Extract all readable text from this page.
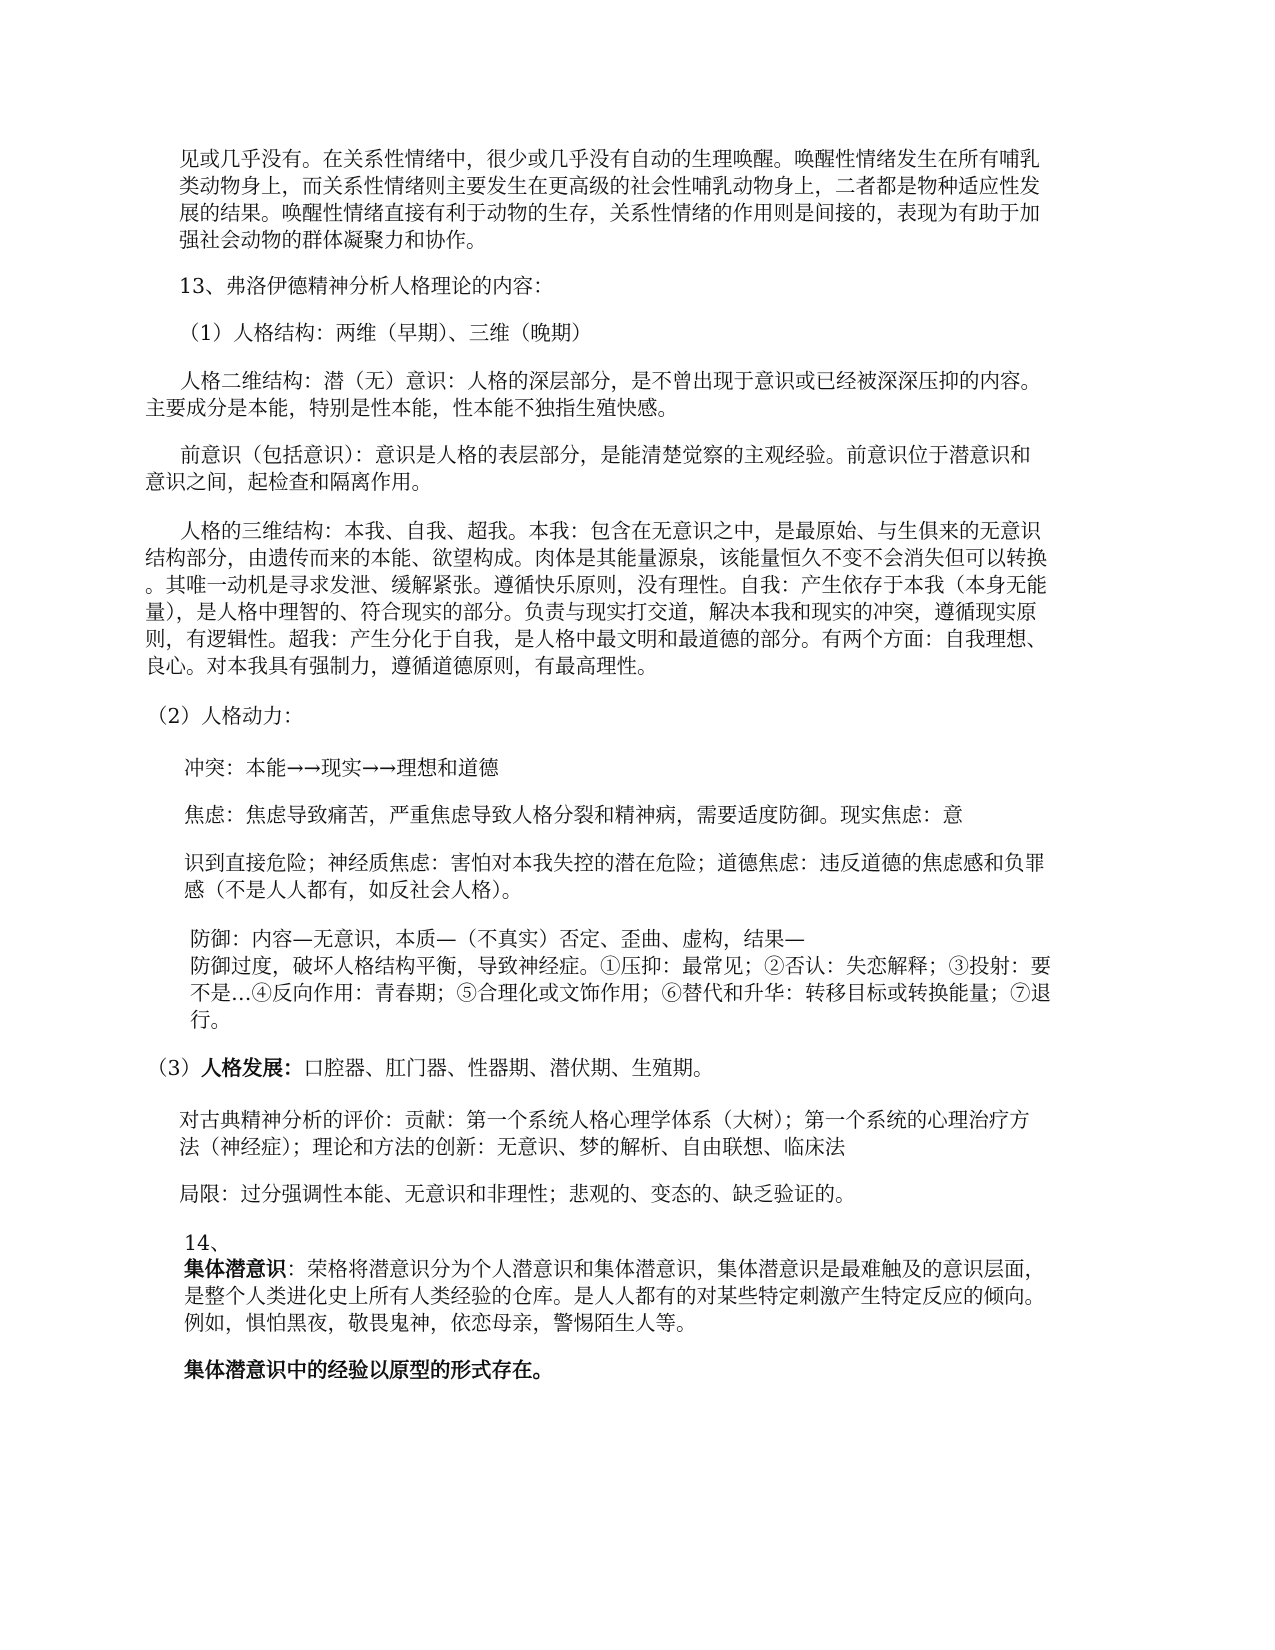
见或几乎没有。在关系性情绪中，很少或几乎没有自动的生理唤醒。唤醒性情绪发生在所有哺乳
类动物身上，而关系性情绪则主要发生在更高级的社会性哺乳动物身上，二者都是物种适应性发
展的结果。唤醒性情绪直接有利于动物的生存，关系性情绪的作用则是间接的，表现为有助于加
强社会动物的群体凝聚力和协作。
13、弗洛伊德精神分析人格理论的内容：
（1）人格结构：两维（早期）、三维（晚期）
人格二维结构：潜（无）意识：人格的深层部分，是不曾出现于意识或已经被深深压抑的内容。
主要成分是本能，特别是性本能，性本能不独指生殖快感。
前意识（包括意识）：意识是人格的表层部分，是能清楚觉察的主观经验。前意识位于潜意识和
意识之间，起检查和隔离作用。
人格的三维结构：本我、自我、超我。本我：包含在无意识之中，是最原始、与生俱来的无意识
结构部分，由遗传而来的本能、欲望构成。肉体是其能量源泉，该能量恒久不变不会消失但可以转换
。其唯一动机是寻求发泄、缓解紧张。遵循快乐原则，没有理性。自我：产生依存于本我（本身无能
量），是人格中理智的、符合现实的部分。负责与现实打交道，解决本我和现实的冲突，遵循现实原
则，有逻辑性。超我：产生分化于自我，是人格中最文明和最道德的部分。有两个方面：自我理想、
良心。对本我具有强制力，遵循道德原则，有最高理性。
（2）人格动力：
冲突：本能→→现实→→理想和道德
焦虑：焦虑导致痛苦，严重焦虑导致人格分裂和精神病，需要适度防御。现实焦虑：意
识到直接危险；神经质焦虑：害怕对本我失控的潜在危险；道德焦虑：违反道德的焦虑感和负罪
感（不是人人都有，如反社会人格）。
防御：内容—无意识，本质—（不真实）否定、歪曲、虚构，结果—
防御过度，破坏人格结构平衡，导致神经症。①压抑：最常见；②否认：失恋解释；③投射：要
不是…④反向作用：青春期；⑤合理化或文饰作用；⑥替代和升华：转移目标或转换能量；⑦退
行。
（3）人格发展：口腔器、肛门器、性器期、潜伏期、生殖期。
对古典精神分析的评价：贡献：第一个系统人格心理学体系（大树）；第一个系统的心理治疗方
法（神经症）；理论和方法的创新：无意识、梦的解析、自由联想、临床法
局限：过分强调性本能、无意识和非理性；悲观的、变态的、缺乏验证的。
14、
集体潜意识：荣格将潜意识分为个人潜意识和集体潜意识，集体潜意识是最难触及的意识层面，
是整个人类进化史上所有人类经验的仓库。是人人都有的对某些特定刺激产生特定反应的倾向。
例如，惧怕黑夜，敬畏鬼神，依恋母亲，警惕陌生人等。
集体潜意识中的经验以原型的形式存在。
